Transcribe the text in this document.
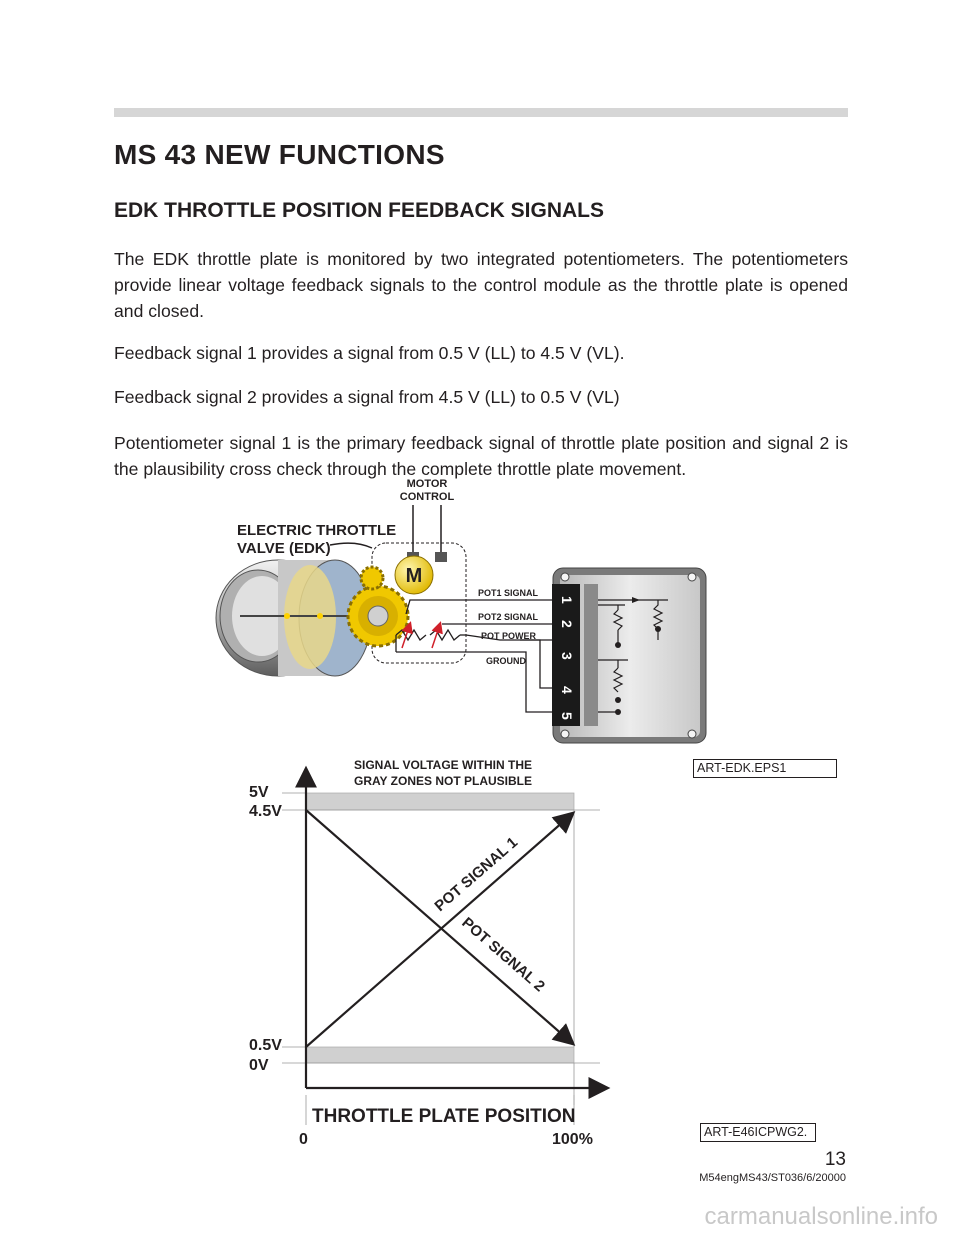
MS 43 NEW FUNCTIONS
EDK THROTTLE POSITION FEEDBACK SIGNALS

The EDK throttle plate is monitored by two integrated potentiometers. The potentiometers provide linear voltage feedback signals to the control module as the throttle plate is opened and closed.

Feedback signal 1 provides a signal from 0.5 V (LL) to 4.5 V (VL).

Feedback signal 2 provides a signal from 4.5 V (LL) to 0.5 V (VL)

Potentiometer signal 1 is the primary feedback signal of throttle plate position and signal 2 is the plausibility cross check through the complete throttle plate movement.

MOTOR
CONTROL
ELECTRIC THROTTLE
VALVE (EDK)
M
POT1 SIGNAL
POT2 SIGNAL
POT POWER
GROUND
1
2
3
4
5
SIGNAL VOLTAGE WITHIN THE
GRAY ZONES NOT PLAUSIBLE
POT SIGNAL 1
POT SIGNAL 2
5V
4.5V
0.5V
0V
THROTTLE PLATE POSITION
0	100%
ART-EDK.EPS1
ART-E46ICPWG2.
13
M54engMS43/ST036/6/20000
carmanualsonline.info
